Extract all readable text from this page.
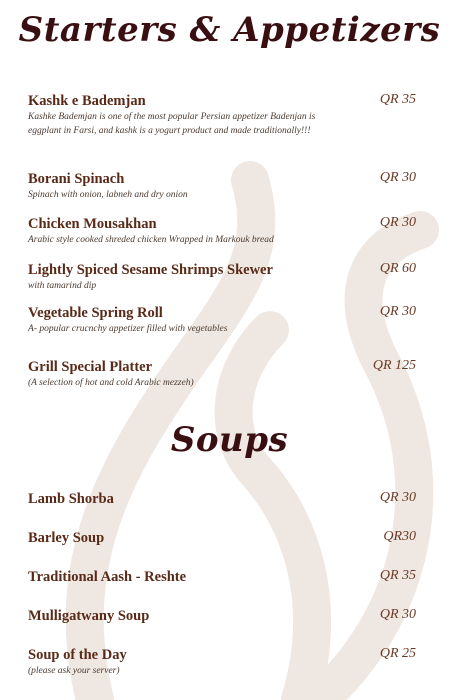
Starters & Appetizers
Kashk e Bademjan	QR 35
Kashke Bademjan is one of the most popular Persian appetizer Badenjan is eggplant in Farsi, and kashk is a yogurt product and made traditionally!!!
Borani Spinach	QR 30
Spinach with onion, labneh and dry onion
Chicken Mousakhan	QR 30
Arabic style cooked shreded chicken Wrapped in Markouk bread
Lightly Spiced Sesame Shrimps Skewer	QR 60
with tamarind dip
Vegetable Spring Roll	QR 30
A- popular crucnchy appetizer filled with vegetables
Grill Special Platter	QR 125
(A selection of hot and cold Arabic mezzeh)
Soups
Lamb Shorba	QR 30
Barley Soup	QR30
Traditional Aash - Reshte	QR 35
Mulligatwany Soup	QR 30
Soup of the Day	QR 25
(please ask your server)
